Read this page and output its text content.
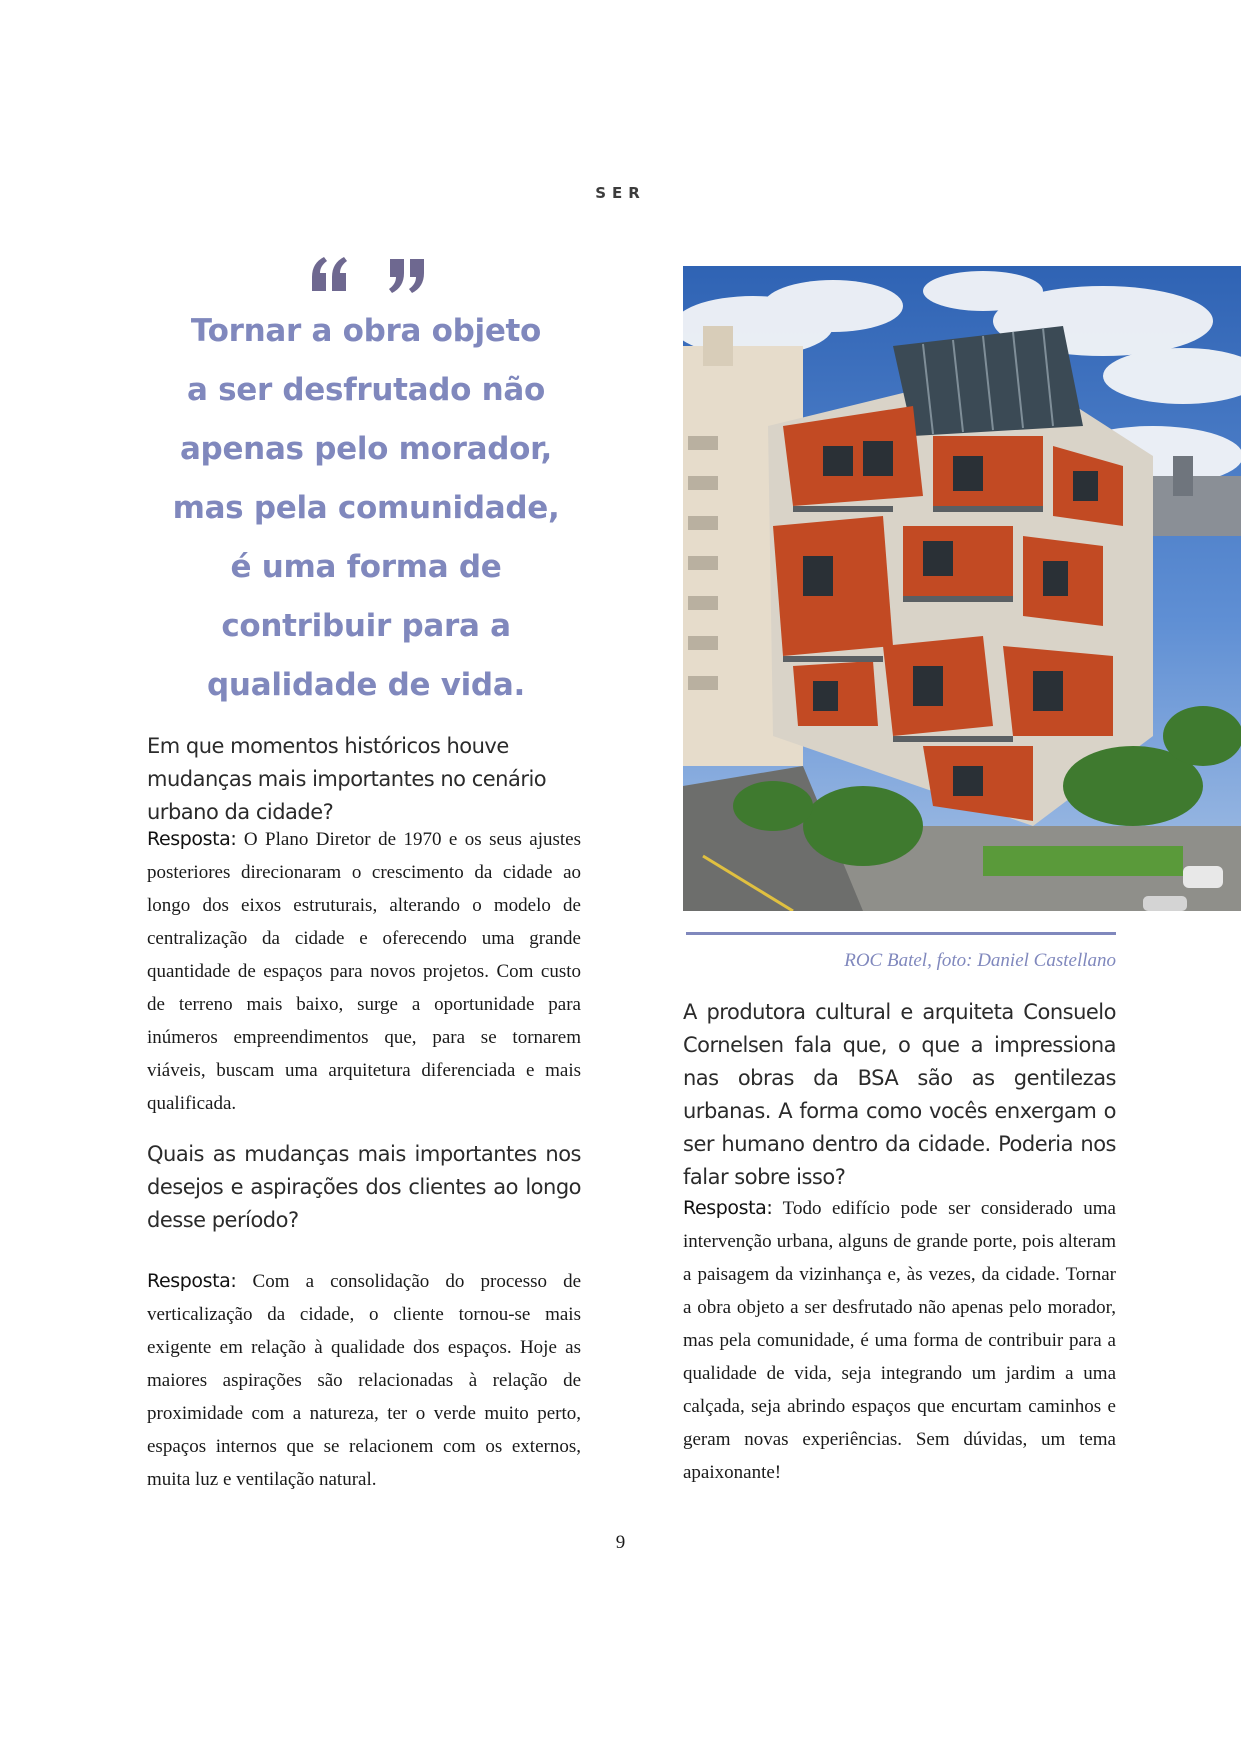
SER
Tornar a obra objeto
a ser desfrutado não
apenas pelo morador,
mas pela comunidade,
é uma forma de
contribuir para a
qualidade de vida.

Em que momentos históricos houve mudanças mais importantes no cenário urbano da cidade?

Resposta: O Plano Diretor de 1970 e os seus ajustes posteriores direcionaram o crescimento da cidade ao longo dos eixos estruturais, alterando o modelo de centralização da cidade e oferecendo uma grande quantidade de espaços para novos projetos. Com custo de terreno mais baixo, surge a oportunidade para inúmeros empreendimentos que, para se tornarem viáveis, buscam uma arquitetura diferenciada e mais qualificada.

Quais as mudanças mais importantes nos desejos e aspirações dos clientes ao longo desse período?

Resposta: Com a consolidação do processo de verticalização da cidade, o cliente tornou-se mais exigente em relação à qualidade dos espaços. Hoje as maiores aspirações são relacionadas à relação de proximidade com a natureza, ter o verde muito perto, espaços internos que se relacionem com os externos, muita luz e ventilação natural.

ROC Batel, foto: Daniel Castellano

A produtora cultural e arquiteta Consuelo Cornelsen fala que, o que a impressiona nas obras da BSA são as gentilezas urbanas. A forma como vocês enxergam o ser humano dentro da cidade. Poderia nos falar sobre isso?

Resposta: Todo edifício pode ser considerado uma intervenção urbana, alguns de grande porte, pois alteram a paisagem da vizinhança e, às vezes, da cidade. Tornar a obra objeto a ser desfrutado não apenas pelo morador, mas pela comunidade, é uma forma de contribuir para a qualidade de vida, seja integrando um jardim a uma calçada, seja abrindo espaços que encurtam caminhos e geram novas experiências. Sem dúvidas, um tema apaixonante!

9
